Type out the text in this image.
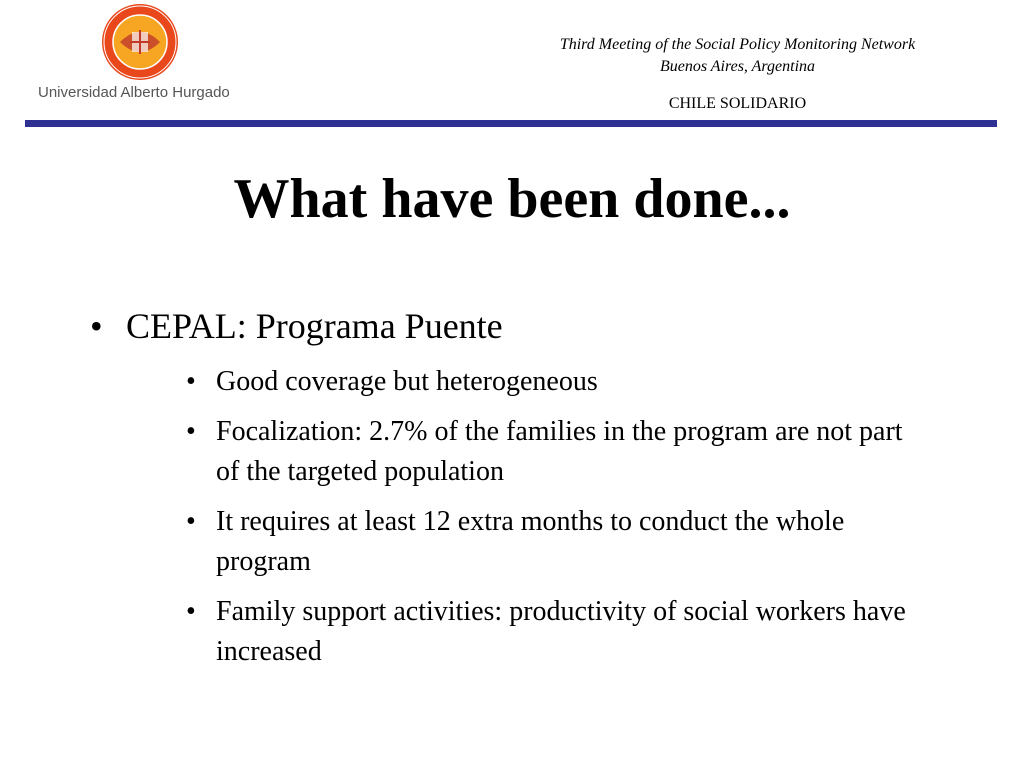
Universidad Alberto Hurgado
Third Meeting of the Social Policy Monitoring Network
Buenos Aires, Argentina
CHILE SOLIDARIO
What have been done...
• CEPAL: Programa Puente
• Good coverage but heterogeneous
• Focalization: 2.7% of the families in the program are not part of the targeted population
• It requires at least 12 extra months to conduct the whole program
• Family support activities: productivity of social workers have increased
